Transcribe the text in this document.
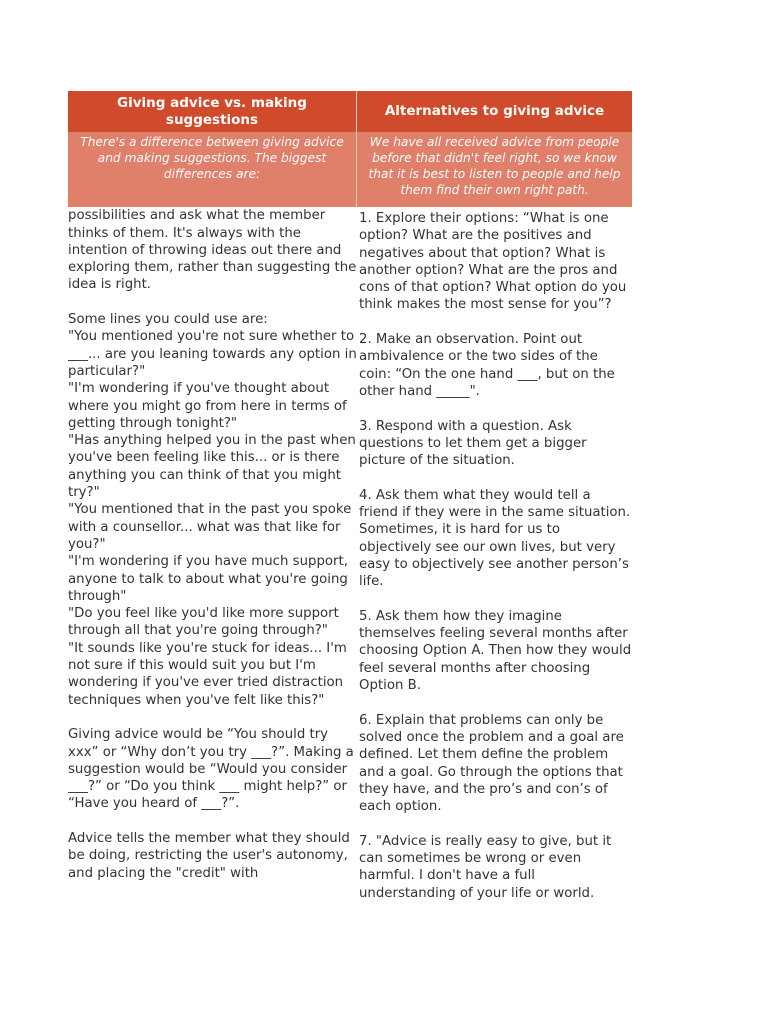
Giving advice vs. making suggestions
Alternatives to giving advice
There's a difference between giving advice and making suggestions. The biggest differences are:
We have all received advice from people before that didn't feel right, so we know that it is best to listen to people and help them find their own right path.

possibilities and ask what the member thinks of them. It's always with the intention of throwing ideas out there and exploring them, rather than suggesting the idea is right.

Some lines you could use are:
"You mentioned you're not sure whether to ___... are you leaning towards any option in particular?"
"I'm wondering if you've thought about where you might go from here in terms of getting through tonight?"
"Has anything helped you in the past when you've been feeling like this... or is there anything you can think of that you might try?"
"You mentioned that in the past you spoke with a counsellor... what was that like for you?"
"I'm wondering if you have much support, anyone to talk to about what you're going through"
"Do you feel like you'd like more support through all that you're going through?"
"It sounds like you're stuck for ideas... I'm not sure if this would suit you but I'm wondering if you've ever tried distraction techniques when you've felt like this?"

Giving advice would be “You should try xxx” or “Why don’t you try ___?”. Making a suggestion would be “Would you consider ___?” or “Do you think ___ might help?” or “Have you heard of ___?”.

Advice tells the member what they should be doing, restricting the user's autonomy, and placing the "credit" with

1. Explore their options: “What is one option? What are the positives and negatives about that option? What is another option? What are the pros and cons of that option? What option do you think makes the most sense for you”?

2. Make an observation. Point out ambivalence or the two sides of the coin: “On the one hand ___, but on the other hand _____".

3. Respond with a question. Ask questions to let them get a bigger picture of the situation.

4. Ask them what they would tell a friend if they were in the same situation. Sometimes, it is hard for us to objectively see our own lives, but very easy to objectively see another person’s life.

5. Ask them how they imagine themselves feeling several months after choosing Option A. Then how they would feel several months after choosing Option B.

6. Explain that problems can only be solved once the problem and a goal are defined. Let them define the problem and a goal. Go through the options that they have, and the pro’s and con’s of each option.

7. "Advice is really easy to give, but it can sometimes be wrong or even harmful. I don't have a full understanding of your life or world.
